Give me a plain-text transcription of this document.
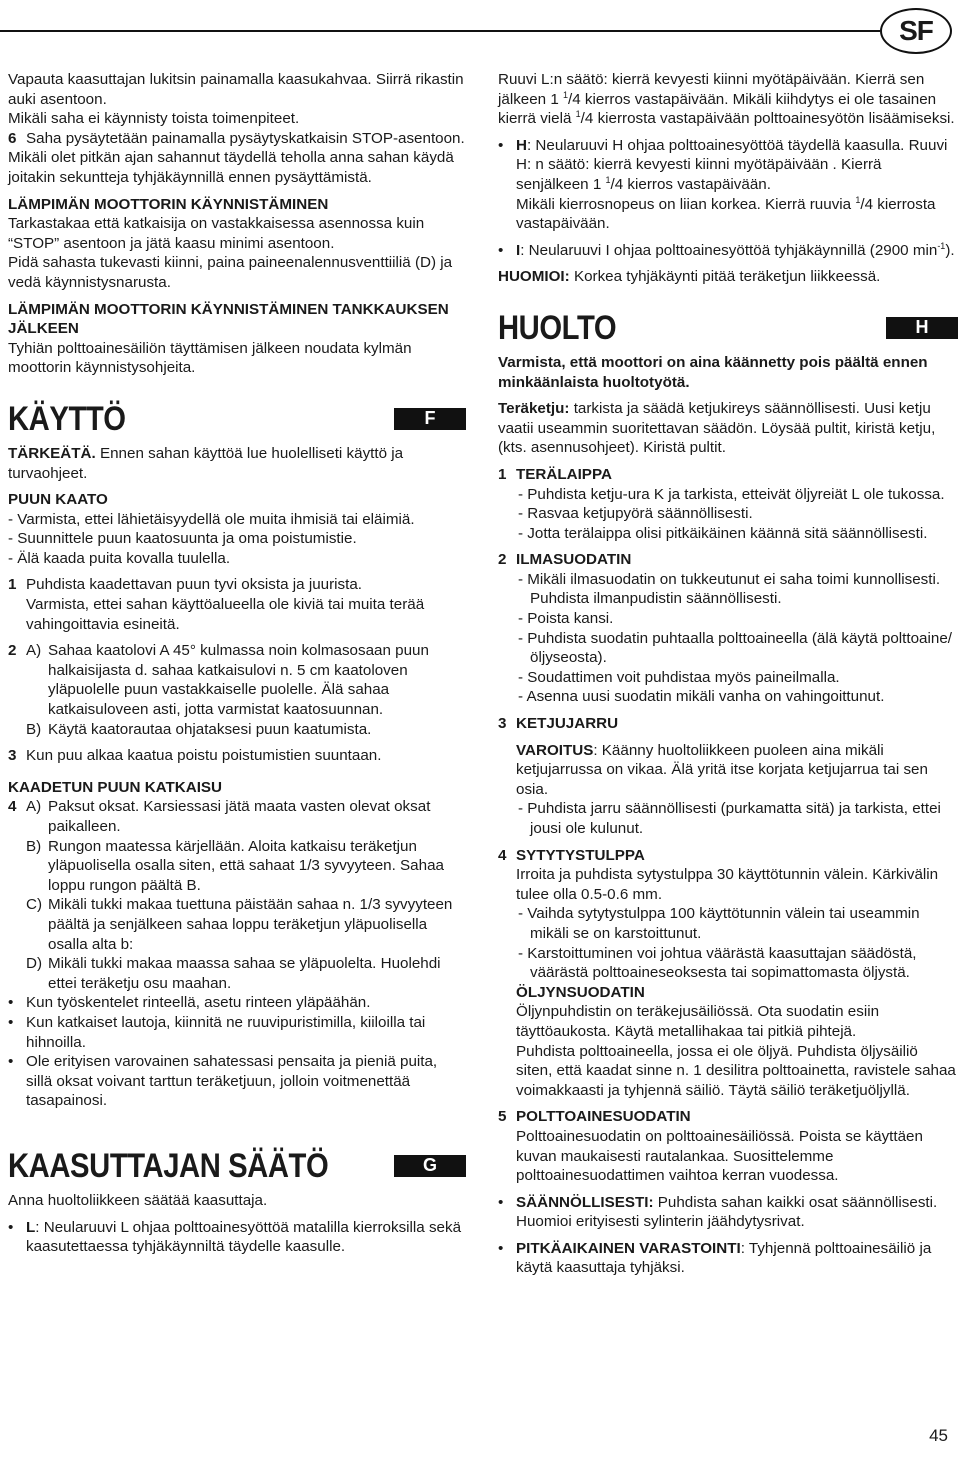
SF

Vapauta kaasuttajan lukitsin painamalla kaasukahvaa. Siirrä rikastin auki asentoon.

Mikäli saha ei käynnisty toista toimenpiteet.

6 Saha pysäytetään painamalla pysäytyskatkaisin STOP-asentoon.

Mikäli olet pitkän ajan sahannut täydellä teholla anna sahan käydä joitakin sekuntteja tyhjäkäynnillä ennen pysäyttämistä.

LÄMPIMÄN MOOTTORIN KÄYNNISTÄMINEN

Tarkastakaa että katkaisija on vastakkaisessa asennossa kuin “STOP” asentoon ja jätä kaasu minimi asentoon.

Pidä sahasta tukevasti kiinni, paina paineenalennusventtiiliä (D) ja vedä käynnistysnarusta.

LÄMPIMÄN MOOTTORIN KÄYNNISTÄMINEN TANKKAUKSEN JÄLKEEN

Tyhiän polttoainesäiliön täyttämisen jälkeen noudata kylmän moottorin käynnistysohjeita.

KÄYTTÖ	F

TÄRKEÄTÄ. Ennen sahan käyttöä lue huolelliseti käyttö ja turvaohjeet.

PUUN KAATO

- Varmista, ettei lähietäisyydellä ole muita ihmisiä tai eläimiä.

- Suunnittele puun kaatosuunta ja oma poistumistie.

- Älä kaada puita kovalla tuulella.

1 Puhdista kaadettavan puun tyvi oksista ja juurista.
Varmista, ettei sahan käyttöalueella ole kiviä tai muita terää vahingoittavia esineitä.
2 A) Sahaa kaatolovi A 45° kulmassa noin kolmasosaan puun halkaisijasta d. sahaa katkaisulovi n. 5 cm kaatoloven yläpuolelle puun vastakkaiselle puolelle. Älä sahaa katkaisuloveen asti, jotta varmistat kaatosuunnan.
B) Käytä kaatorautaa ohjataksesi puun kaatumista.
3 Kun puu alkaa kaatua poistu poistumistien suuntaan.

KAADETUN PUUN KATKAISU

4 A) Paksut oksat. Karsiessasi jätä maata vasten olevat oksat paikalleen.
B) Rungon maatessa kärjellään. Aloita katkaisu teräketjun yläpuolisella osalla siten, että sahaat 1/3 syvyyteen. Sahaa loppu rungon päältä B.
C) Mikäli tukki makaa tuettuna päistään sahaa n. 1/3 syvyyteen päältä ja senjälkeen sahaa loppu teräketjun yläpuolisella osalla alta b:
D) Mikäli tukki makaa maassa sahaa se yläpuolelta. Huolehdi ettei teräketju osu maahan.
• Kun työskentelet rinteellä, asetu rinteen yläpäähän.
• Kun katkaiset lautoja, kiinnitä ne ruuvipuristimilla, kiiloilla tai hihnoilla.
• Ole erityisen varovainen sahatessasi pensaita ja pieniä puita, sillä oksat voivant tarttun teräketjuun, jolloin voitmenettää tasapainosi.
KAASUTTAJAN SÄÄTÖ	G

Anna huoltoliikkeen säätää kaasuttaja.

• L: Neularuuvi L ohjaa polttoainesyöttöä matalilla kierroksilla sekä kaasutettaessa tyhjäkäynniltä täydelle kaasulle.

Ruuvi L:n säätö: kierrä kevyesti kiinni myötäpäivään. Kierrä sen jälkeen 1 $^1$/4 kierros vastapäivään. Mikäli kiihdytys ei ole tasainen kierrä vielä $^1$/4 kierrosta vastapäivään polttoainesyötön lisäämiseksi.

• H: Neularuuvi H ohjaa polttoainesyöttöä täydellä kaasulla. Ruuvi H: n säätö: kierrä kevyesti kiinni myötäpäivään . Kierrä senjälkeen 1 $^1$/4 kierros vastapäivään.
Mikäli kierrosnopeus on liian korkea. Kierrä ruuvia $^1$/4 kierrosta vastapäivään.
• I: Neularuuvi I ohjaa polttoainesyöttöä tyhjäkäynnillä (2900 $\min^{-1}$).

HUOMIOI: Korkea tyhjäkäynti pitää teräketjun liikkeessä.

HUOLTO	H

Varmista, että moottori on aina käännetty pois päältä ennen minkäänlaista huoltotyötä.

Teräketju: tarkista ja säädä ketjukireys säännöllisesti. Uusi ketju vaatii useammin suoritettavan säädön. Löysää pultit, kiristä ketju, (kts. asennusohjeet). Kiristä pultit.

1 TERÄLAIPPA

- Puhdista ketju-ura K ja tarkista, etteivät öljyreiät L ole tukossa.

- Rasvaa ketjupyörä säännöllisesti.

- Jotta terälaippa olisi pitkäikäinen käännä sitä säännöllisesti.

2 ILMASUODATIN

- Mikäli ilmasuodatin on tukkeutunut ei saha toimi kunnollisesti. Puhdista ilmanpudistin säännöllisesti.

- Poista kansi.

- Puhdista suodatin puhtaalla polttoaineella (älä käytä polttoaine/öljyseosta).

- Soudattimen voit puhdistaa myös paineilmalla.

- Asenna uusi suodatin mikäli vanha on vahingoittunut.

3 KETJUJARRU

VAROITUS: Käänny huoltoliikkeen puoleen aina mikäli ketjujarrussa on vikaa. Älä yritä itse korjata ketjujarrua tai sen osia.

- Puhdista jarru säännöllisesti (purkamatta sitä) ja tarkista, ettei jousi ole kulunut.

4 SYTYTYSTULPPA

Irroita ja puhdista sytystulppa 30 käyttötunnin välein. Kärkivälin tulee olla 0.5-0.6 mm.

- Vaihda sytytystulppa 100 käyttötunnin välein tai useammin mikäli se on karstoittunut.

- Karstoittuminen voi johtua väärästä kaasuttajan säädöstä, väärästä polttoaineseoksesta tai sopimattomasta öljystä.

ÖLJYNSUODATIN

Öljynpuhdistin on teräkejusäiliössä. Ota suodatin esiin täyttöaukosta. Käytä metallihakaa tai pitkiä pihtejä.

Puhdista polttoaineella, jossa ei ole öljyä. Puhdista öljysäiliö siten, että kaadat sinne n. 1 desilitra polttoainetta, ravistele sahaa voimakkaasti ja tyhjennä säiliö. Täytä säiliö teräketjuöljyllä.

5 POLTTOAINESUODATIN

Polttoainesuodatin on polttoainesäiliössä. Poista se käyttäen kuvan maukaisesti rautalankaa. Suosittelemme polttoainesuodattimen vaihtoa kerran vuodessa.

• SÄÄNNÖLLISESTI: Puhdista sahan kaikki osat säännöllisesti. Huomioi erityisesti sylinterin jäähdytysrivat.
• PITKÄAIKAINEN VARASTOINTI: Tyhjennä polttoainesäiliö ja käytä kaasuttaja tyhjäksi.
45
